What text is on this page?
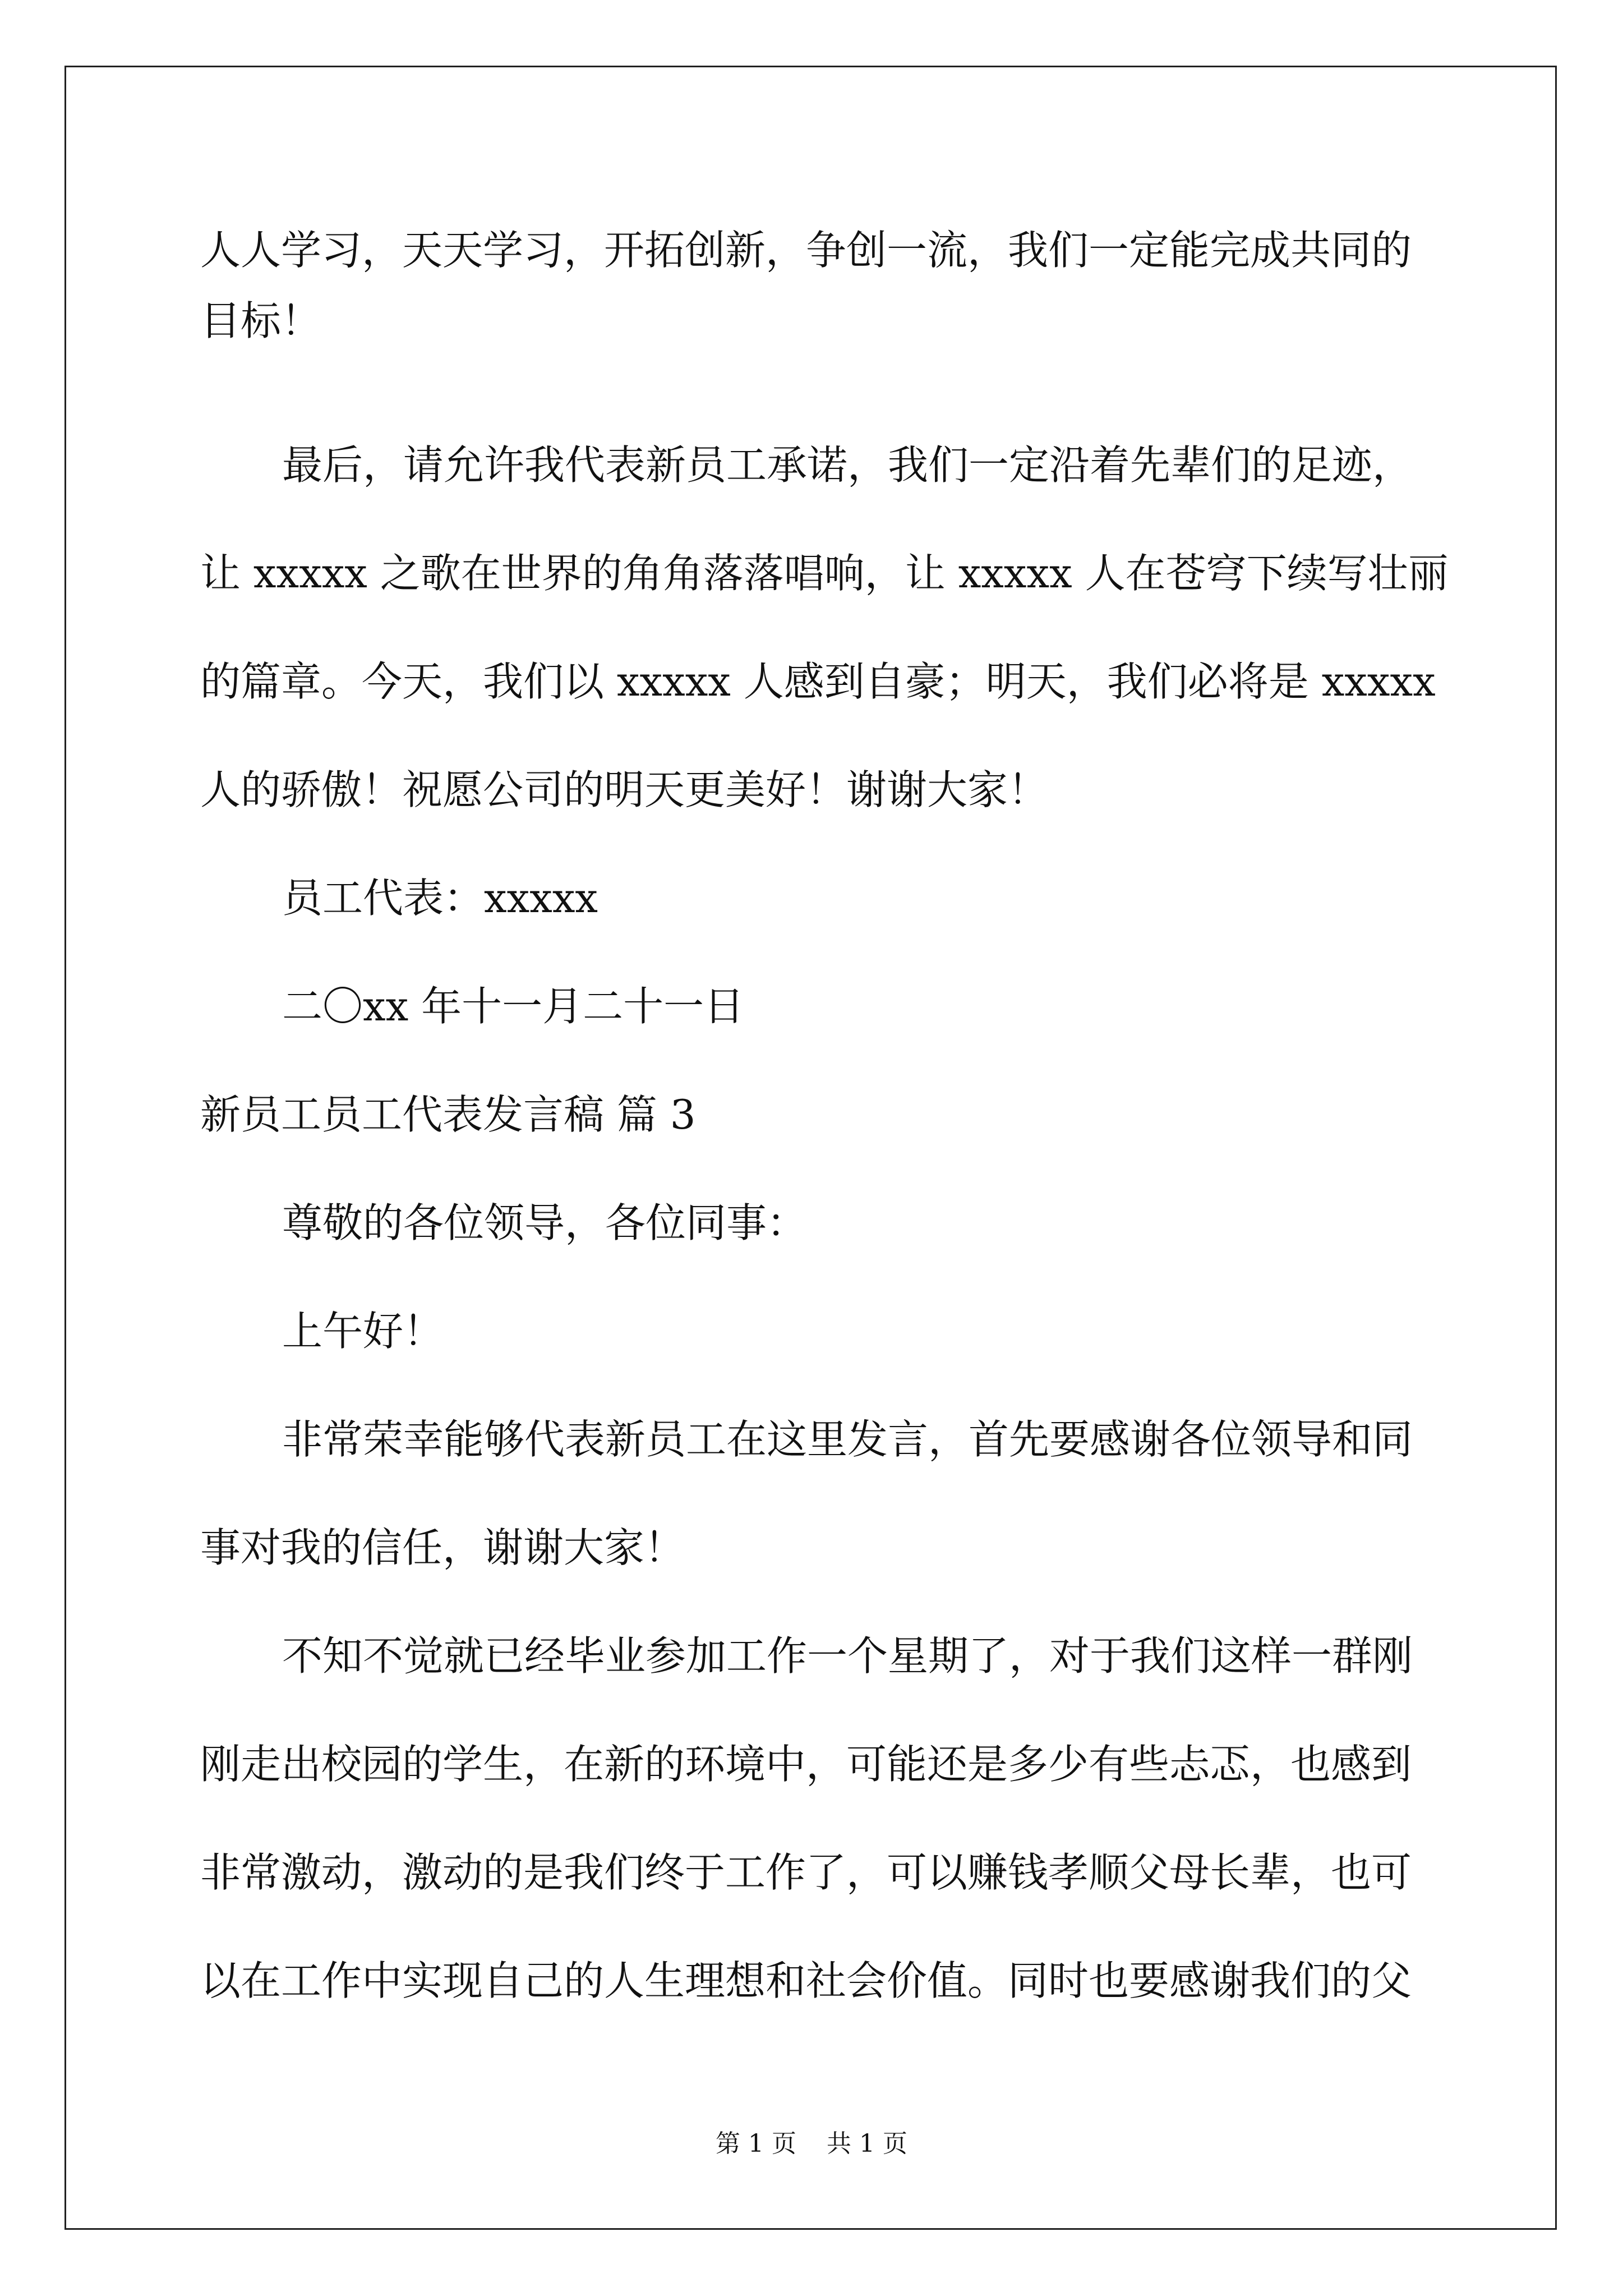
人人学习，天天学习，开拓创新，争创一流，我们一定能完成共同的
目标！
最后，请允许我代表新员工承诺，我们一定沿着先辈们的足迹，
让 xxxxx 之歌在世界的角角落落唱响，让 xxxxx 人在苍穹下续写壮丽
的篇章。今天，我们以 xxxxx 人感到自豪；明天，我们必将是 xxxxx
人的骄傲！祝愿公司的明天更美好！谢谢大家！
员工代表：xxxxx
二〇xx 年十一月二十一日
新员工员工代表发言稿 篇 3
尊敬的各位领导，各位同事：
上午好！
非常荣幸能够代表新员工在这里发言，首先要感谢各位领导和同
事对我的信任，谢谢大家！
不知不觉就已经毕业参加工作一个星期了，对于我们这样一群刚
刚走出校园的学生，在新的环境中，可能还是多少有些忐忑，也感到
非常激动，激动的是我们终于工作了，可以赚钱孝顺父母长辈，也可
以在工作中实现自己的人生理想和社会价值。同时也要感谢我们的父
第 1 页 共 1 页
